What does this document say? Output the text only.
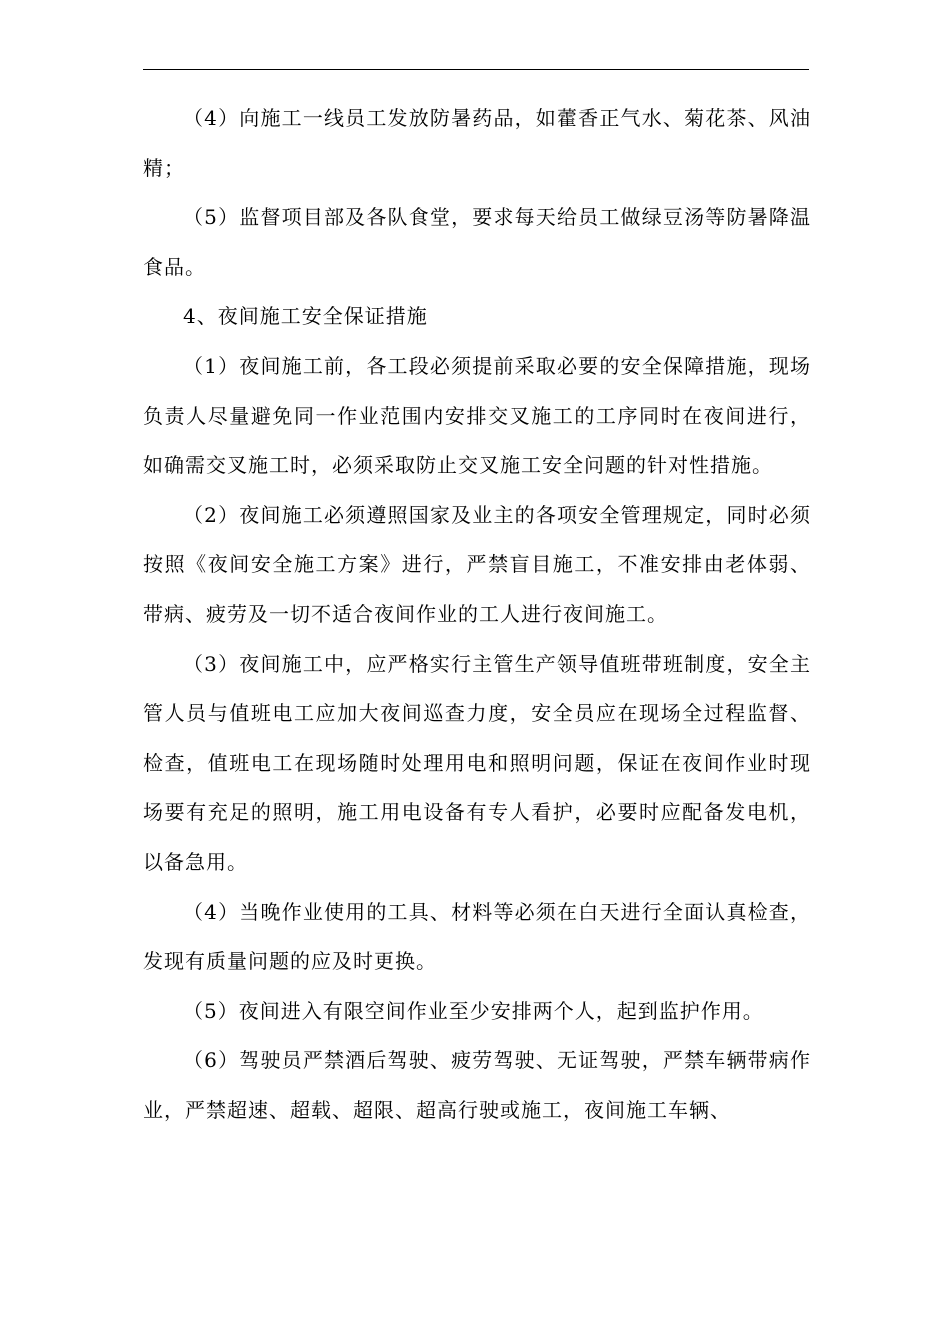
（4）向施工一线员工发放防暑药品，如藿香正气水、菊花茶、风油精；

（5）监督项目部及各队食堂，要求每天给员工做绿豆汤等防暑降温食品。

4、夜间施工安全保证措施

（1）夜间施工前，各工段必须提前采取必要的安全保障措施，现场负责人尽量避免同一作业范围内安排交叉施工的工序同时在夜间进行，如确需交叉施工时，必须采取防止交叉施工安全问题的针对性措施。

（2）夜间施工必须遵照国家及业主的各项安全管理规定，同时必须按照《夜间安全施工方案》进行，严禁盲目施工，不准安排由老体弱、带病、疲劳及一切不适合夜间作业的工人进行夜间施工。

（3）夜间施工中，应严格实行主管生产领导值班带班制度，安全主管人员与值班电工应加大夜间巡查力度，安全员应在现场全过程监督、检查，值班电工在现场随时处理用电和照明问题，保证在夜间作业时现场要有充足的照明，施工用电设备有专人看护，必要时应配备发电机，以备急用。

（4）当晚作业使用的工具、材料等必须在白天进行全面认真检查，发现有质量问题的应及时更换。

（5）夜间进入有限空间作业至少安排两个人，起到监护作用。

（6）驾驶员严禁酒后驾驶、疲劳驾驶、无证驾驶，严禁车辆带病作业，严禁超速、超载、超限、超高行驶或施工，夜间施工车辆、
